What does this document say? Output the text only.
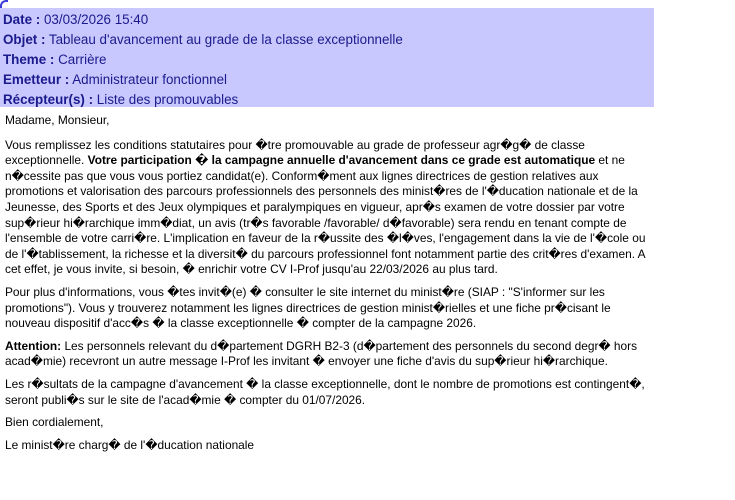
Date : 03/03/2026 15:40
Objet : Tableau d'avancement au grade de la classe exceptionnelle
Theme : Carrière
Emetteur : Administrateur fonctionnel
Récepteur(s) : Liste des promouvables

Madame, Monsieur,

Vous remplissez les conditions statutaires pour �tre promouvable au grade de professeur agr�g� de classe exceptionnelle. Votre participation � la campagne annuelle d'avancement dans ce grade est automatique et ne n�cessite pas que vous vous portiez candidat(e). Conform�ment aux lignes directrices de gestion relatives aux promotions et valorisation des parcours professionnels des personnels des minist�res de l'�ducation nationale et de la Jeunesse, des Sports et des Jeux olympiques et paralympiques en vigueur, apr�s examen de votre dossier par votre sup�rieur hi�rarchique imm�diat, un avis (tr�s favorable /favorable/ d�favorable) sera rendu en tenant compte de l'ensemble de votre carri�re. L'implication en faveur de la r�ussite des �l�ves, l'engagement dans la vie de l'�cole ou de l'�tablissement, la richesse et la diversit� du parcours professionnel font notamment partie des crit�res d'examen. A cet effet, je vous invite, si besoin, � enrichir votre CV I-Prof jusqu'au 22/03/2026 au plus tard.

Pour plus d'informations, vous �tes invit�(e) � consulter le site internet du minist�re (SIAP : "S'informer sur les promotions"). Vous y trouverez notamment les lignes directrices de gestion minist�rielles et une fiche pr�cisant le nouveau dispositif d'acc�s � la classe exceptionnelle � compter de la campagne 2026.

Attention: Les personnels relevant du d�partement DGRH B2-3 (d�partement des personnels du second degr� hors acad�mie) recevront un autre message I-Prof les invitant � envoyer une fiche d'avis du sup�rieur hi�rarchique.

Les r�sultats de la campagne d'avancement � la classe exceptionnelle, dont le nombre de promotions est contingent�, seront publi�s sur le site de l'acad�mie � compter du 01/07/2026.

Bien cordialement,

Le minist�re charg� de l'�ducation nationale
